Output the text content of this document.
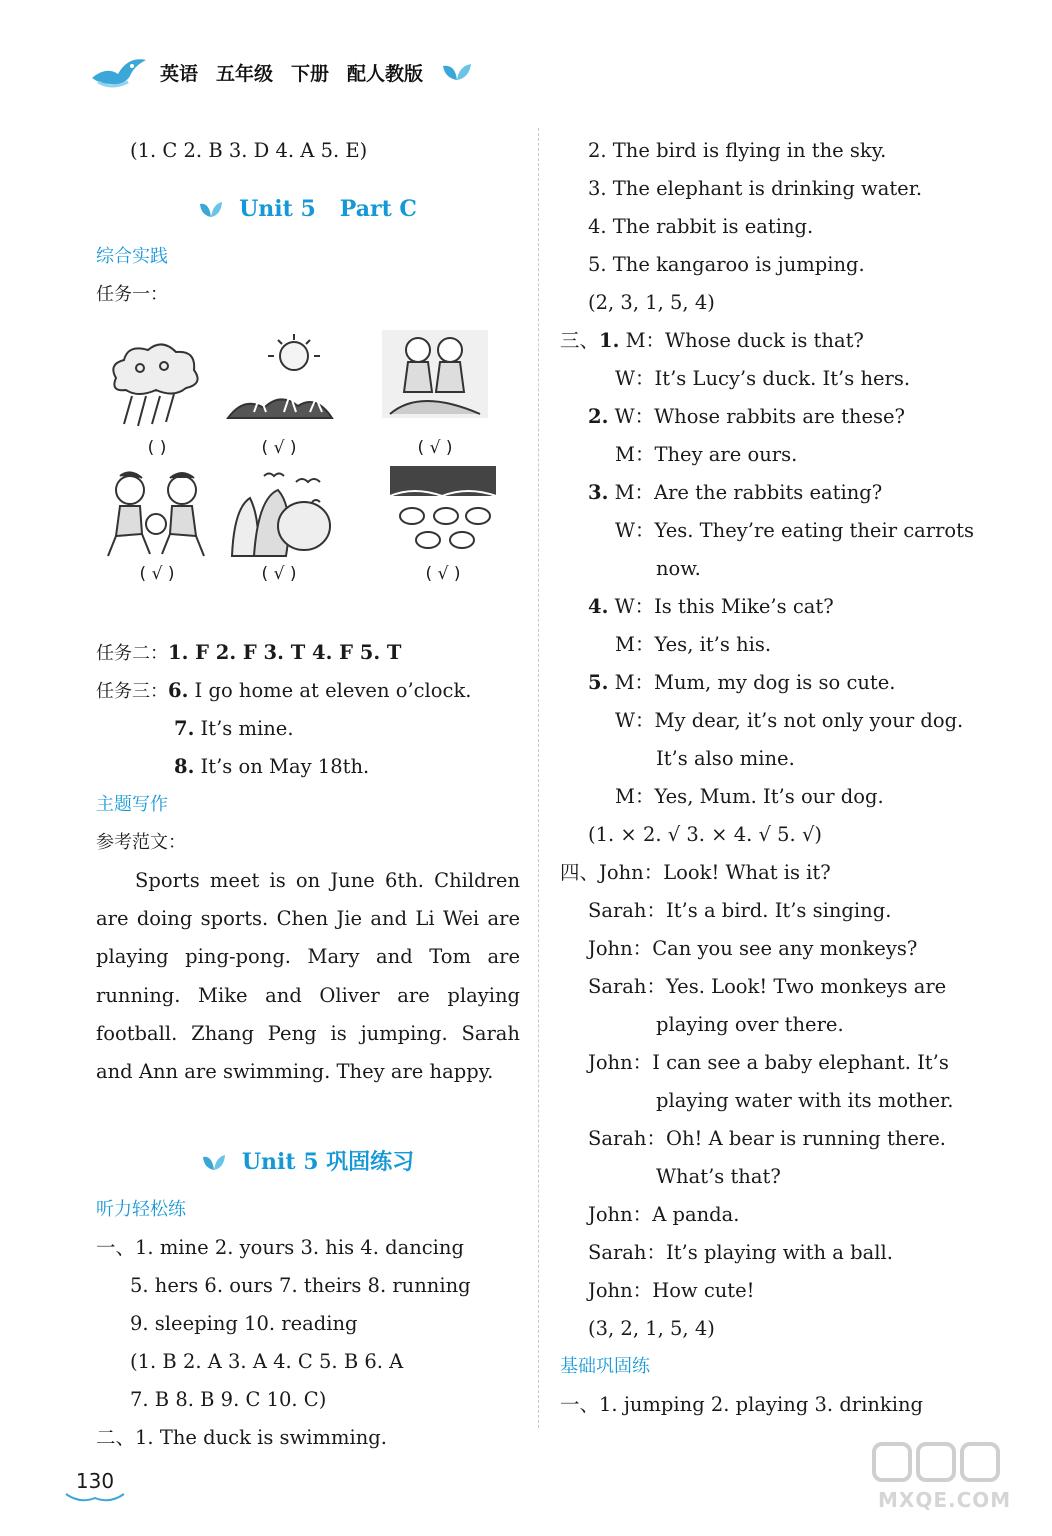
英语 五年级 下册 配人教版
(1. C 2. B 3. D 4. A 5. E)
Unit 5 Part C
综合实践
任务一：
( )	( √ )	( √ )
( √ )	( √ )	( √ )
任务二：1. F 2. F 3. T 4. F 5. T
任务三：6. I go home at eleven o’clock.
7. It’s mine.
8. It’s on May 18th.
主题写作
参考范文：
Sports meet is on June 6th. Children are doing sports. Chen Jie and Li Wei are playing ping-pong. Mary and Tom are running. Mike and Oliver are playing football. Zhang Peng is jumping. Sarah and Ann are swimming. They are happy.
Unit 5 巩固练习
听力轻松练
一、1. mine 2. yours 3. his 4. dancing
5. hers 6. ours 7. theirs 8. running
9. sleeping 10. reading
(1. B 2. A 3. A 4. C 5. B 6. A
7. B 8. B 9. C 10. C)
二、1. The duck is swimming.
2. The bird is flying in the sky.
3. The elephant is drinking water.
4. The rabbit is eating.
5. The kangaroo is jumping.
(2, 3, 1, 5, 4)
三、1. M：Whose duck is that?
W：It’s Lucy’s duck. It’s hers.
2. W：Whose rabbits are these?
M：They are ours.
3. M：Are the rabbits eating?
W：Yes. They’re eating their carrots
now.
4. W：Is this Mike’s cat?
M：Yes, it’s his.
5. M：Mum, my dog is so cute.
W：My dear, it’s not only your dog.
It’s also mine.
M：Yes, Mum. It’s our dog.
(1. × 2. √ 3. × 4. √ 5. √)
四、John：Look! What is it?
Sarah：It’s a bird. It’s singing.
John：Can you see any monkeys?
Sarah：Yes. Look! Two monkeys are
playing over there.
John：I can see a baby elephant. It’s
playing water with its mother.
Sarah：Oh! A bear is running there.
What’s that?
John：A panda.
Sarah：It’s playing with a ball.
John：How cute!
(3, 2, 1, 5, 4)
基础巩固练
一、1. jumping 2. playing 3. drinking
130
MXQE.COM
